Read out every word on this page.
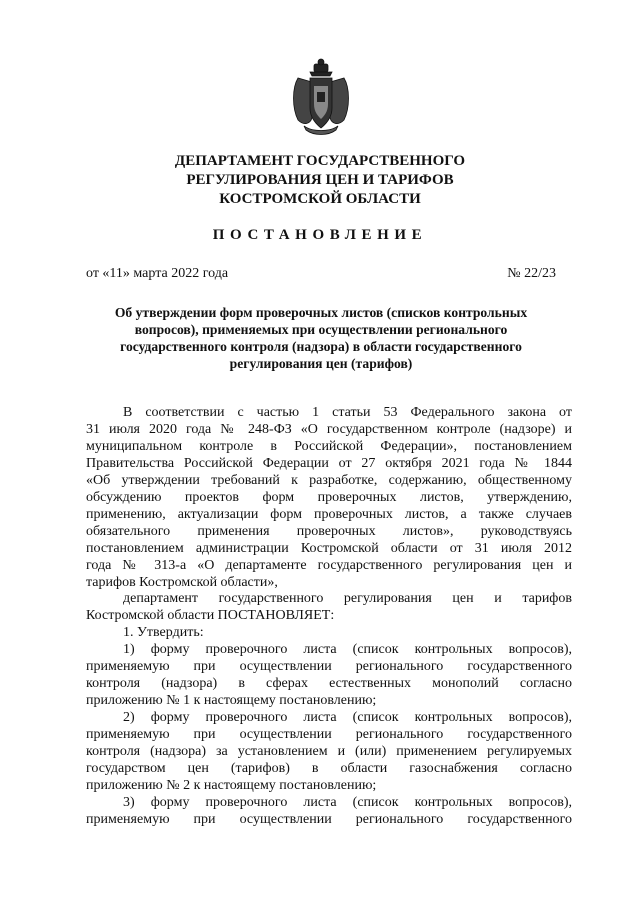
ДЕПАРТАМЕНТ ГОСУДАРСТВЕННОГО
РЕГУЛИРОВАНИЯ ЦЕН И ТАРИФОВ
КОСТРОМСКОЙ ОБЛАСТИ
ПОСТАНОВЛЕНИЕ
от «11» марта 2022 года	№ 22/23
Об утверждении форм проверочных листов (списков контрольных
вопросов), применяемых при осуществлении регионального
государственного контроля (надзора) в области государственного
регулирования цен (тарифов)

В соответствии с частью 1 статьи 53 Федерального закона от

31 июля 2020 года № 248-ФЗ «О государственном контроле (надзоре) и

муниципальном контроле в Российской Федерации», постановлением

Правительства Российской Федерации от 27 октября 2021 года № 1844

«Об утверждении требований к разработке, содержанию, общественному

обсуждению проектов форм проверочных листов, утверждению,

применению, актуализации форм проверочных листов, а также случаев

обязательного применения проверочных листов», руководствуясь

постановлением администрации Костромской области от 31 июля 2012

года № 313-а «О департаменте государственного регулирования цен и

тарифов Костромской области»,

департамент государственного регулирования цен и тарифов

Костромской области ПОСТАНОВЛЯЕТ:

1. Утвердить:

1) форму проверочного листа (список контрольных вопросов),

применяемую при осуществлении регионального государственного

контроля (надзора) в сферах естественных монополий согласно

приложению № 1 к настоящему постановлению;

2) форму проверочного листа (список контрольных вопросов),

применяемую при осуществлении регионального государственного

контроля (надзора) за установлением и (или) применением регулируемых

государством цен (тарифов) в области газоснабжения согласно

приложению № 2 к настоящему постановлению;

3) форму проверочного листа (список контрольных вопросов),

применяемую при осуществлении регионального государственного
